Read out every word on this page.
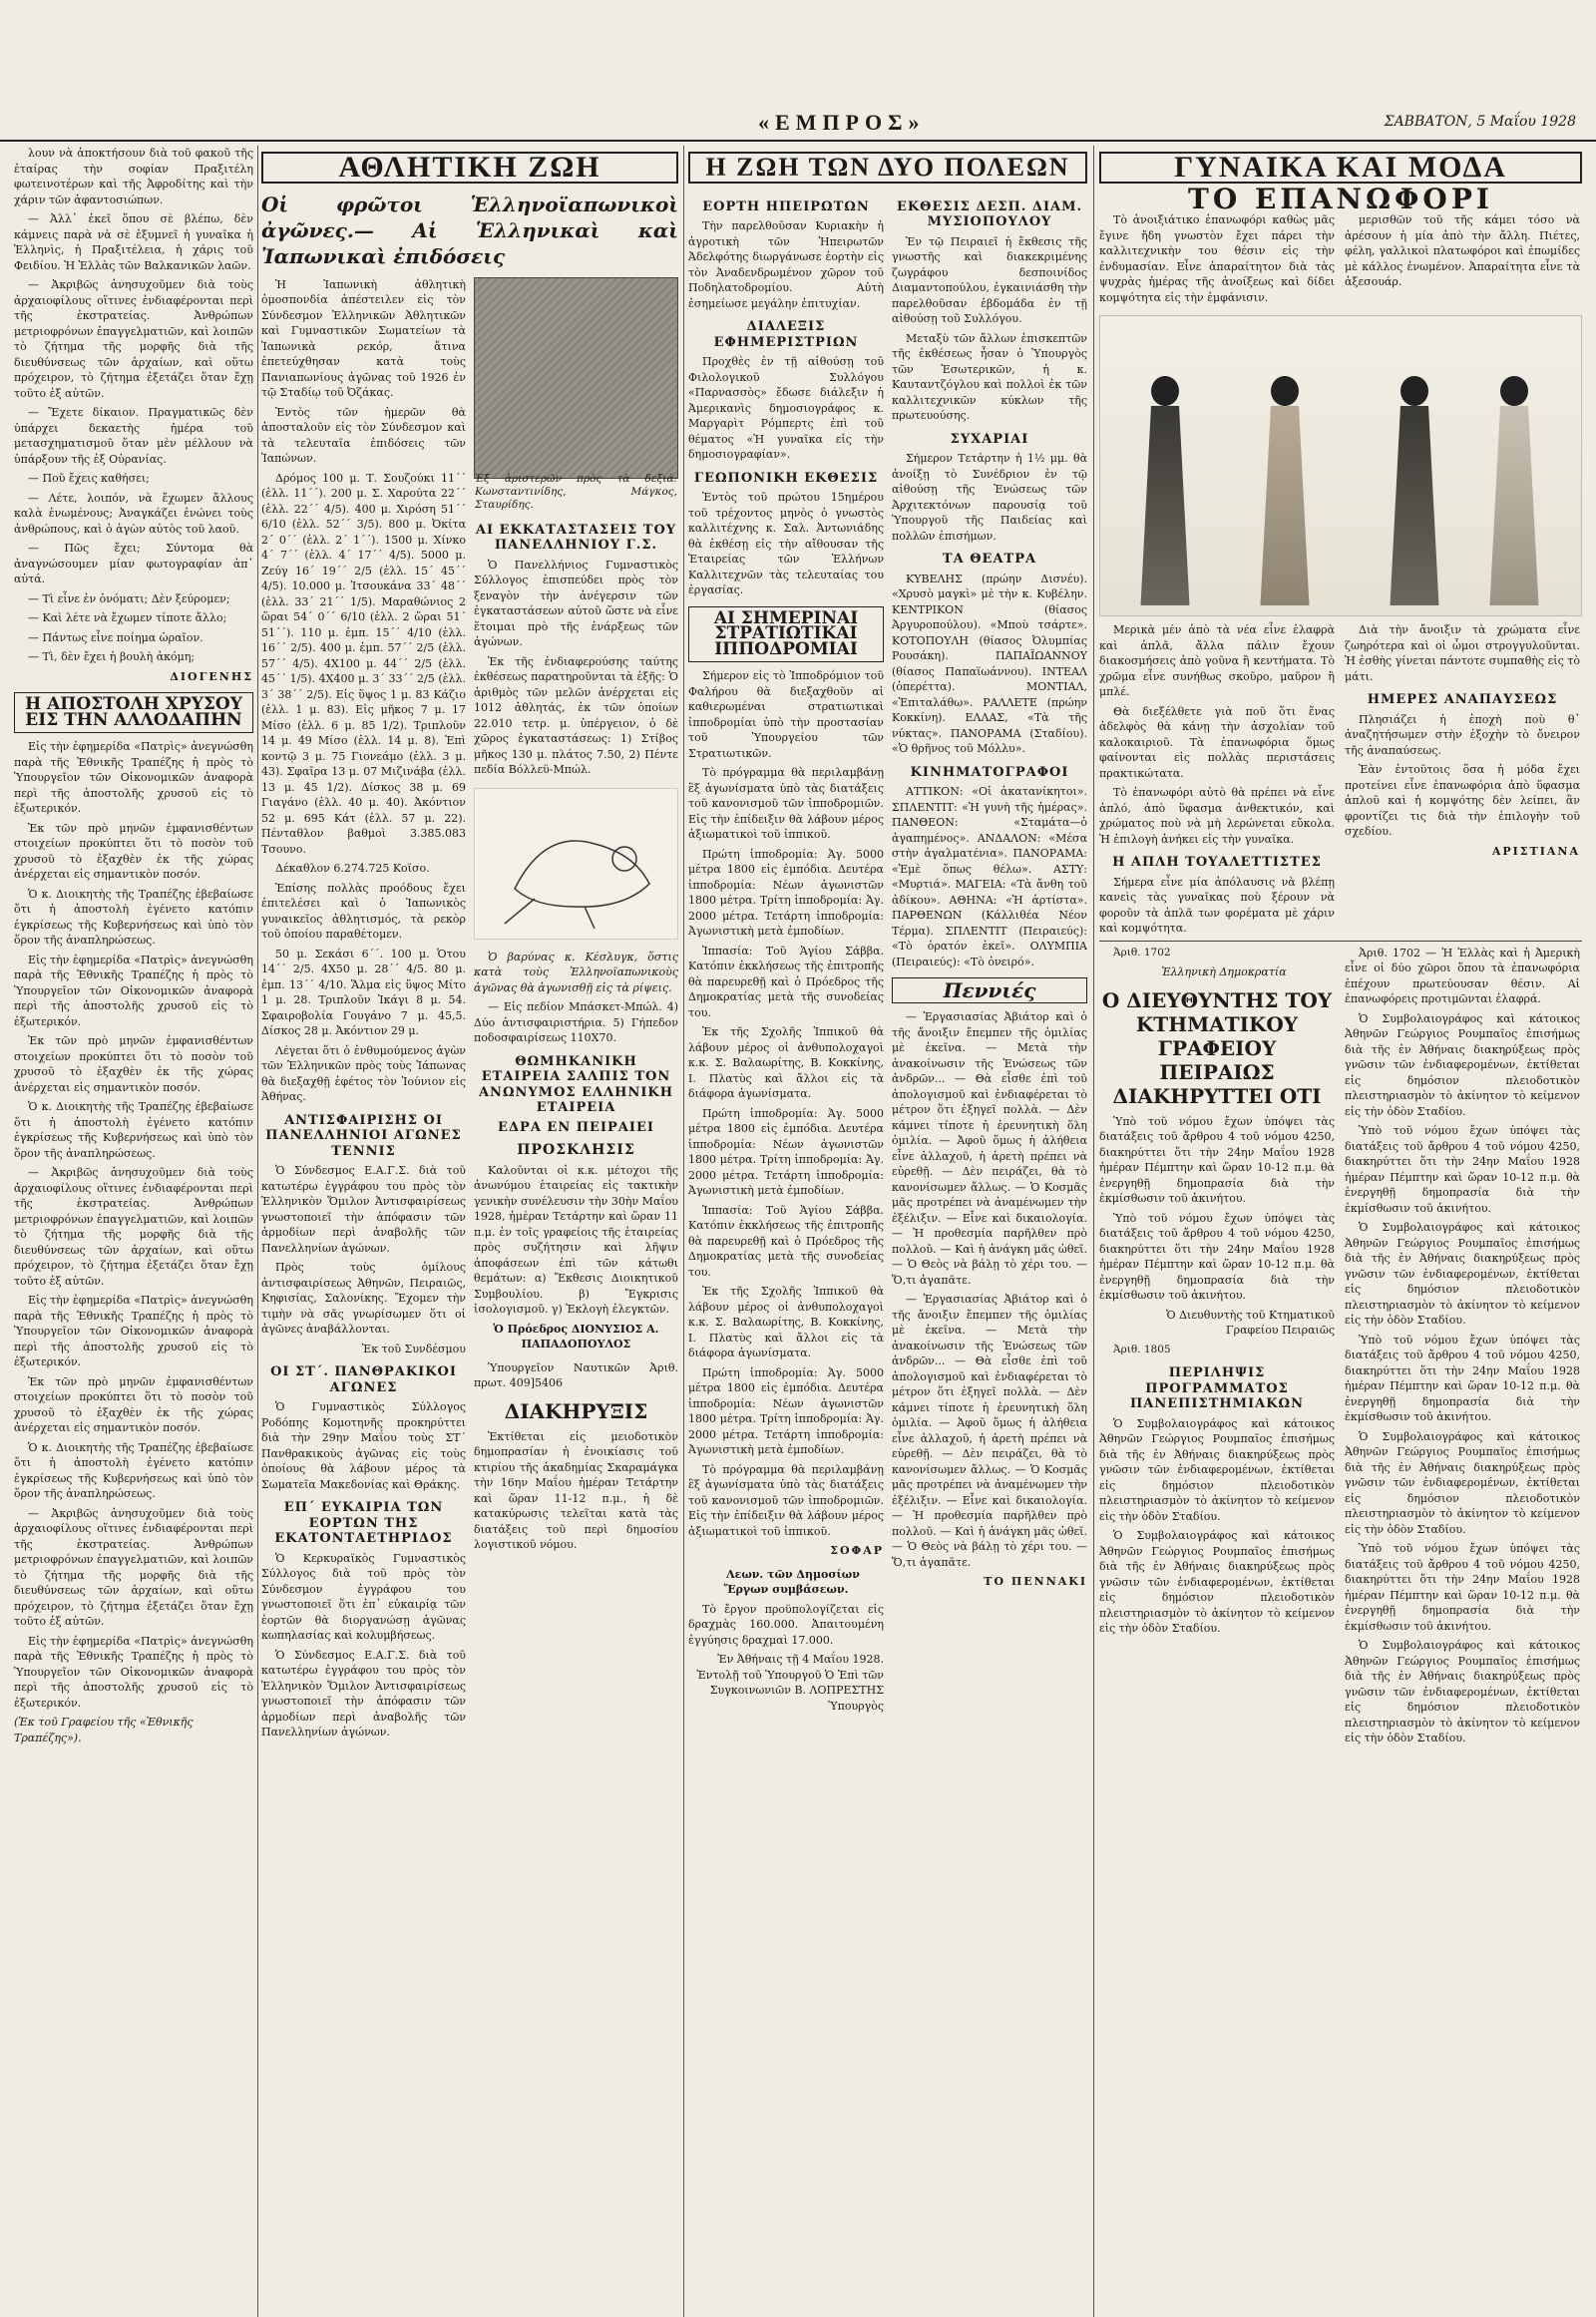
«ΕΜΠΡΟΣ»	ΣΑΒΒΑΤΟΝ, 5 Μαΐου 1928

λουν νὰ ἀποκτήσουν διὰ τοῦ φακοῦ τῆς ἐταίρας τὴν σοφίαν Πραξιτέλη φωτεινοτέρων καὶ τῆς Ἀφροδίτης καὶ τὴν χάριν τῶν ἀφαντοσιώπων.

— Ἀλλ᾽ ἐκεῖ ὅπου σὲ βλέπω, δὲν κάμνεις παρὰ νὰ σὲ ἐξυμνεῖ ἡ γυναῖκα ἡ Ἑλληνὶς, ἡ Πραξιτέλεια, ἡ χάρις τοῦ Φειδίου. Ἡ Ἑλλὰς τῶν Βαλκανικῶν λαῶν.

— Ἀκριβῶς ἀνησυχοῦμεν διὰ τοὺς ἀρχαιοφίλους οἵτινες ἐνδιαφέρονται περὶ τῆς ἐκστρατείας. Ἀνθρώπων μετριοφρόνων ἐπαγγελματιῶν, καὶ λοιπῶν τὸ ζήτημα τῆς μορφῆς διὰ τῆς διευθύνσεως τῶν ἀρχαίων, καὶ οὕτω πρόχειρον, τὸ ζήτημα ἐξετάζει ὅταν ἔχῃ τοῦτο ἐξ αὐτῶν.

— Ἔχετε δίκαιον. Πραγματικῶς δὲν ὑπάρχει δεκαετὴς ἡμέρα τοῦ μετασχηματισμοῦ ὅταν μὲν μέλλουν νὰ ὑπάρξουν τῆς ἐξ Οὐρανίας.

— Ποῦ ἔχεις καθήσει;

— Λέτε, λοιπόν, νὰ ἔχωμεν ἄλλους καλὰ ἑνωμένους; Ἀναγκάζει ἐνώνει τοὺς ἀνθρώπους, καὶ ὁ ἀγὼν αὐτὸς τοῦ λαοῦ.

— Πῶς ἔχει; Σύντομα θὰ ἀναγνώσουμεν μίαν φωτογραφίαν ἀπ᾽ αὐτά.

— Τὶ εἶνε ἐν ὀνόματι; Δὲν ξεύρομεν;

— Καὶ λέτε νὰ ἔχωμεν τίποτε ἄλλο;

— Πάντως εἶνε ποίημα ὡραῖον.

— Τὶ, δὲν ἔχει ἡ βουλὴ ἀκόμη;

ΔΙΟΓΕΝΗΣ
Η ΑΠΟΣΤΟΛΗ ΧΡΥΣΟΥ ΕΙΣ ΤΗΝ ΑΛΛΟΔΑΠΗΝ

Εἰς τὴν ἐφημερίδα «Πατρὶς» ἀνεγνώσθη παρὰ τῆς Ἐθνικῆς Τραπέζης ἡ πρὸς τὸ Ὑπουργεῖον τῶν Οἰκονομικῶν ἀναφορὰ περὶ τῆς ἀποστολῆς χρυσοῦ εἰς τὸ ἐξωτερικόν.

Ἐκ τῶν πρὸ μηνῶν ἐμφανισθέντων στοιχείων προκύπτει ὅτι τὸ ποσὸν τοῦ χρυσοῦ τὸ ἐξαχθὲν ἐκ τῆς χώρας ἀνέρχεται εἰς σημαντικὸν ποσόν.

Ὁ κ. Διοικητὴς τῆς Τραπέζης ἐβεβαίωσε ὅτι ἡ ἀποστολὴ ἐγένετο κατόπιν ἐγκρίσεως τῆς Κυβερνήσεως καὶ ὑπὸ τὸν ὅρον τῆς ἀναπληρώσεως.

Εἰς τὴν ἐφημερίδα «Πατρὶς» ἀνεγνώσθη παρὰ τῆς Ἐθνικῆς Τραπέζης ἡ πρὸς τὸ Ὑπουργεῖον τῶν Οἰκονομικῶν ἀναφορὰ περὶ τῆς ἀποστολῆς χρυσοῦ εἰς τὸ ἐξωτερικόν.

Ἐκ τῶν πρὸ μηνῶν ἐμφανισθέντων στοιχείων προκύπτει ὅτι τὸ ποσὸν τοῦ χρυσοῦ τὸ ἐξαχθὲν ἐκ τῆς χώρας ἀνέρχεται εἰς σημαντικὸν ποσόν.

Ὁ κ. Διοικητὴς τῆς Τραπέζης ἐβεβαίωσε ὅτι ἡ ἀποστολὴ ἐγένετο κατόπιν ἐγκρίσεως τῆς Κυβερνήσεως καὶ ὑπὸ τὸν ὅρον τῆς ἀναπληρώσεως.

— Ἀκριβῶς ἀνησυχοῦμεν διὰ τοὺς ἀρχαιοφίλους οἵτινες ἐνδιαφέρονται περὶ τῆς ἐκστρατείας. Ἀνθρώπων μετριοφρόνων ἐπαγγελματιῶν, καὶ λοιπῶν τὸ ζήτημα τῆς μορφῆς διὰ τῆς διευθύνσεως τῶν ἀρχαίων, καὶ οὕτω πρόχειρον, τὸ ζήτημα ἐξετάζει ὅταν ἔχῃ τοῦτο ἐξ αὐτῶν.

Εἰς τὴν ἐφημερίδα «Πατρὶς» ἀνεγνώσθη παρὰ τῆς Ἐθνικῆς Τραπέζης ἡ πρὸς τὸ Ὑπουργεῖον τῶν Οἰκονομικῶν ἀναφορὰ περὶ τῆς ἀποστολῆς χρυσοῦ εἰς τὸ ἐξωτερικόν.

Ἐκ τῶν πρὸ μηνῶν ἐμφανισθέντων στοιχείων προκύπτει ὅτι τὸ ποσὸν τοῦ χρυσοῦ τὸ ἐξαχθὲν ἐκ τῆς χώρας ἀνέρχεται εἰς σημαντικὸν ποσόν.

Ὁ κ. Διοικητὴς τῆς Τραπέζης ἐβεβαίωσε ὅτι ἡ ἀποστολὴ ἐγένετο κατόπιν ἐγκρίσεως τῆς Κυβερνήσεως καὶ ὑπὸ τὸν ὅρον τῆς ἀναπληρώσεως.

— Ἀκριβῶς ἀνησυχοῦμεν διὰ τοὺς ἀρχαιοφίλους οἵτινες ἐνδιαφέρονται περὶ τῆς ἐκστρατείας. Ἀνθρώπων μετριοφρόνων ἐπαγγελματιῶν, καὶ λοιπῶν τὸ ζήτημα τῆς μορφῆς διὰ τῆς διευθύνσεως τῶν ἀρχαίων, καὶ οὕτω πρόχειρον, τὸ ζήτημα ἐξετάζει ὅταν ἔχῃ τοῦτο ἐξ αὐτῶν.

Εἰς τὴν ἐφημερίδα «Πατρὶς» ἀνεγνώσθη παρὰ τῆς Ἐθνικῆς Τραπέζης ἡ πρὸς τὸ Ὑπουργεῖον τῶν Οἰκονομικῶν ἀναφορὰ περὶ τῆς ἀποστολῆς χρυσοῦ εἰς τὸ ἐξωτερικόν.

(Ἐκ τοῦ Γραφείου τῆς «Ἐθνικῆς Τραπέζης»).
ΑΘΛΗΤΙΚΗ ΖΩΗ
Οἱ φρῶτοι Ἑλληνοϊαπωνικοὶ ἀγῶνες.— Αἱ Ἑλληνικαὶ καὶ Ἰαπωνικαὶ ἐπιδόσεις

Ἡ Ἰαπωνικὴ ἀθλητικὴ ὁμοσπονδία ἀπέστειλεν εἰς τὸν Σύνδεσμον Ἑλληνικῶν Ἀθλητικῶν καὶ Γυμναστικῶν Σωματείων τὰ Ἰαπωνικὰ ρεκόρ, ἅτινα ἐπετεύχθησαν κατὰ τοὺς Πανιαπωνίους ἀγῶνας τοῦ 1926 ἐν τῷ Σταδίῳ τοῦ Ὀζάκας.

Ἐντὸς τῶν ἡμερῶν θὰ ἀποσταλοῦν εἰς τὸν Σύνδεσμον καὶ τὰ τελευταῖα ἐπιδόσεις τῶν Ἰαπώνων.

Δρόμος 100 μ. Τ. Σουζούκι 11΄΄ (ἑλλ. 11΄΄). 200 μ. Σ. Χαρούτα 22΄΄ (ἑλλ. 22΄΄ 4/5). 400 μ. Χιρόση 51΄΄ 6/10 (ἑλλ. 52΄΄ 3/5). 800 μ. Ὀκίτα 2΄ 0΄΄ (ἑλλ. 2΄ 1΄΄). 1500 μ. Χίνκο 4΄ 7΄΄ (ἑλλ. 4΄ 17΄΄ 4/5). 5000 μ. Ζεύγ 16΄ 19΄΄ 2/5 (ἑλλ. 15΄ 45΄΄ 4/5). 10.000 μ. Ἰτσουκάνα 33΄ 48΄΄ (ἑλλ. 33΄ 21΄΄ 1/5). Μαραθώνιος 2 ὥραι 54΄ 0΄΄ 6/10 (ἑλλ. 2 ὥραι 51΄ 51΄΄). 110 μ. ἐμπ. 15΄΄ 4/10 (ἑλλ. 16΄΄ 2/5). 400 μ. ἐμπ. 57΄΄ 2/5 (ἑλλ. 57΄΄ 4/5). 4Χ100 μ. 44΄΄ 2/5 (ἑλλ. 45΄΄ 1/5). 4Χ400 μ. 3΄ 33΄΄ 2/5 (ἑλλ. 3΄ 38΄΄ 2/5). Εἰς ὕψος 1 μ. 83 Κάζιο (ἑλλ. 1 μ. 83). Εἰς μῆκος 7 μ. 17 Μίσο (ἑλλ. 6 μ. 85 1/2). Τριπλοῦν 14 μ. 49 Μίσο (ἑλλ. 14 μ. 8). Ἐπὶ κοντῷ 3 μ. 75 Γιονεάμο (ἑλλ. 3 μ. 43). Σφαῖρα 13 μ. 07 Μιζινάβα (ἑλλ. 13 μ. 45 1/2). Δίσκος 38 μ. 69 Γιαγάνο (ἑλλ. 40 μ. 40). Ἀκόντιον 52 μ. 695 Κάτ (ἑλλ. 57 μ. 22). Πένταθλον βαθμοὶ 3.385.083 Τσουνο.

Δέκαθλον 6.274.725 Κοϊσο.

Ἐπίσης πολλὰς προόδους ἔχει ἐπιτελέσει καὶ ὁ Ἰαπωνικὸς γυναικεῖος ἀθλητισμός, τὰ ρεκὸρ τοῦ ὁποίου παραθέτομεν.

50 μ. Σεκάσι 6΄΄. 100 μ. Ὁτου 14΄΄ 2/5. 4Χ50 μ. 28΄΄ 4/5. 80 μ. ἐμπ. 13΄΄ 4/10. Ἅλμα εἰς ὕψος Μίτο 1 μ. 28. Τριπλοῦν Ἰκάγι 8 μ. 54. Σφαιροβολία Γουγάνο 7 μ. 45,5. Δίσκος 28 μ. Ἀκόντιον 29 μ.

Λέγεται ὅτι ὁ ἐνθυμούμενος ἀγὼν τῶν Ἑλληνικῶν πρὸς τοὺς Ἰάπωνας θὰ διεξαχθῇ ἐφέτος τὸν Ἰούνιον εἰς Ἀθήνας.

ΑΝΤΙΣΦΑΙΡΙΣΗΣ ΟΙ ΠΑΝΕΛΛΗΝΙΟΙ ΑΓΩΝΕΣ ΤΕΝΝΙΣ

Ὁ Σύνδεσμος Ε.Α.Γ.Σ. διὰ τοῦ κατωτέρω ἐγγράφου του πρὸς τὸν Ἑλληνικὸν Ὅμιλον Ἀντισφαιρίσεως γνωστοποιεῖ τὴν ἀπόφασιν τῶν ἀρμοδίων περὶ ἀναβολῆς τῶν Πανελληνίων ἀγώνων.

Πρὸς τοὺς ὁμίλους ἀντισφαιρίσεως Ἀθηνῶν, Πειραιῶς, Κηφισίας, Σαλονίκης. Ἔχομεν τὴν τιμὴν νὰ σᾶς γνωρίσωμεν ὅτι οἱ ἀγῶνες ἀναβάλλονται.

Ἐκ τοῦ Συνδέσμου
ΟΙ ΣΤ΄. ΠΑΝΘΡΑΚΙΚΟΙ ΑΓΩΝΕΣ

Ὁ Γυμναστικὸς Σύλλογος Ροδόπης Κομοτηνῆς προκηρύττει διὰ τὴν 29ην Μαΐου τοὺς ΣΤ΄ Πανθρακικοὺς ἀγῶνας εἰς τοὺς ὁποίους θὰ λάβουν μέρος τὰ Σωματεῖα Μακεδονίας καὶ Θράκης.

ΕΠ΄ ΕΥΚΑΙΡΙΑ ΤΩΝ ΕΟΡΤΩΝ ΤΗΣ ΕΚΑΤΟΝΤΑΕΤΗΡΙΔΟΣ

Ὁ Κερκυραϊκὸς Γυμναστικὸς Σύλλογος διὰ τοῦ πρὸς τὸν Σύνδεσμον ἐγγράφου του γνωστοποιεῖ ὅτι ἐπ᾽ εὐκαιρίᾳ τῶν ἑορτῶν θὰ διοργανώσῃ ἀγῶνας κωπηλασίας καὶ κολυμβήσεως.

Ὁ Σύνδεσμος Ε.Α.Γ.Σ. διὰ τοῦ κατωτέρω ἐγγράφου του πρὸς τὸν Ἑλληνικὸν Ὅμιλον Ἀντισφαιρίσεως γνωστοποιεῖ τὴν ἀπόφασιν τῶν ἀρμοδίων περὶ ἀναβολῆς τῶν Πανελληνίων ἀγώνων.

Ἐξ ἀριστερῶν πρὸς τὰ δεξιά: Κωνσταντινίδης, Μάγκος, Σταυρίδης.
ΑΙ ΕΚΚΑΤΑΣΤΑΣΕΙΣ ΤΟΥ ΠΑΝΕΛΛΗΝΙΟΥ Γ.Σ.

Ὁ Πανελλήνιος Γυμναστικὸς Σύλλογος ἐπισπεύδει πρὸς τὸν ξεναγὸν τὴν ἀνέγερσιν τῶν ἐγκαταστάσεων αὐτοῦ ὥστε νὰ εἶνε ἕτοιμαι πρὸ τῆς ἐνάρξεως τῶν ἀγώνων.

Ἐκ τῆς ἐνδιαφερούσης ταύτης ἐκθέσεως παρατηροῦνται τὰ ἑξῆς: Ὁ ἀριθμὸς τῶν μελῶν ἀνέρχεται εἰς 1012 ἀθλητάς, ἐκ τῶν ὁποίων 22.010 τετρ. μ. ὑπέργειον, ὁ δὲ χῶρος ἐγκαταστάσεως: 1) Στίβος μῆκος 130 μ. πλάτος 7.50, 2) Πέντε πεδία Βόλλεϋ-Μπώλ.

Ὁ βαρύνας κ. Κέσλυγκ, ὅστις κατὰ τοὺς Ἑλληνοϊαπωνικοὺς ἀγῶνας θὰ ἀγωνισθῇ εἰς τὰ ρίψεις.

— Εἰς πεδίον Μπάσκετ-Μπώλ. 4) Δύο ἀντισφαιριστήρια. 5) Γήπεδον ποδοσφαιρίσεως 110Χ70.

ΘΩΜΗΚΑΝΙΚΗ ΕΤΑΙΡΕΙΑ ΣΑΛΠΙΣ ΤΟΝ ΑΝΩΝΥΜΟΣ ΕΛΛΗΝΙΚΗ ΕΤΑΙΡΕΙΑ
ΕΔΡΑ ΕΝ ΠΕΙΡΑΙΕΙ
ΠΡΟΣΚΛΗΣΙΣ

Καλοῦνται οἱ κ.κ. μέτοχοι τῆς ἀνωνύμου ἑταιρείας εἰς τακτικὴν γενικὴν συνέλευσιν τὴν 30ὴν Μαΐου 1928, ἡμέραν Τετάρτην καὶ ὥραν 11 π.μ. ἐν τοῖς γραφείοις τῆς ἑταιρείας πρὸς συζήτησιν καὶ λῆψιν ἀποφάσεων ἐπὶ τῶν κάτωθι θεμάτων: α) Ἔκθεσις Διοικητικοῦ Συμβουλίου. β) Ἔγκρισις ἰσολογισμοῦ. γ) Ἐκλογὴ ἐλεγκτῶν.

Ὁ Πρόεδρος ΔΙΟΝΥΣΙΟΣ Α. ΠΑΠΑΔΟΠΟΥΛΟΣ

Ὑπουργεῖον Ναυτικῶν Ἀριθ. πρωτ. 409]5406

ΔΙΑΚΗΡΥΞΙΣ

Ἐκτίθεται εἰς μειοδοτικὸν δημοπρασίαν ἡ ἐνοικίασις τοῦ κτιρίου τῆς ἀκαδημίας Σκαραμάγκα τὴν 16ην Μαΐου ἡμέραν Τετάρτην καὶ ὥραν 11-12 π.μ., ἡ δὲ κατακύρωσις τελεῖται κατὰ τὰς διατάξεις τοῦ περὶ δημοσίου λογιστικοῦ νόμου.

Η ΖΩΗ ΤΩΝ ΔΥΟ ΠΟΛΕΩΝ
ΕΟΡΤΗ ΗΠΕΙΡΩΤΩΝ

Τὴν παρελθοῦσαν Κυριακὴν ἡ ἀγροτικὴ τῶν Ἠπειρωτῶν Ἀδελφότης διωργάνωσε ἑορτὴν εἰς τὸν Ἀναδενδρωμένον χῶρον τοῦ Ποδηλατοδρομίου. Αὐτὴ ἐσημείωσε μεγάλην ἐπιτυχίαν.

ΔΙΑΛΕΞΙΣ ΕΦΗΜΕΡΙΣΤΡΙΩΝ

Προχθὲς ἐν τῇ αἰθούσῃ τοῦ Φιλολογικοῦ Συλλόγου «Παρνασσὸς» ἔδωσε διάλεξιν ἡ Ἀμερικανὶς δημοσιογράφος κ. Μαργαρὶτ Ρόμπερτς ἐπὶ τοῦ θέματος «Ἡ γυναῖκα εἰς τὴν δημοσιογραφίαν».

ΓΕΩΠΟΝΙΚΗ ΕΚΘΕΣΙΣ

Ἐντὸς τοῦ πρώτου 15ημέρου τοῦ τρέχοντος μηνὸς ὁ γνωστὸς καλλιτέχνης κ. Σαλ. Ἀντωνιάδης θὰ ἐκθέσῃ εἰς τὴν αἴθουσαν τῆς Ἑταιρείας τῶν Ἑλλήνων Καλλιτεχνῶν τὰς τελευταίας του ἐργασίας.

ΑΙ ΣΗΜΕΡΙΝΑΙ ΣΤΡΑΤΙΩΤΙΚΑΙ ΙΠΠΟΔΡΟΜΙΑΙ

Σήμερον εἰς τὸ Ἱπποδρόμιον τοῦ Φαλήρου θὰ διεξαχθοῦν αἱ καθιερωμέναι στρατιωτικαὶ ἱπποδρομίαι ὑπὸ τὴν προστασίαν τοῦ Ὑπουργείου τῶν Στρατιωτικῶν.

Τὸ πρόγραμμα θὰ περιλαμβάνῃ ἓξ ἀγωνίσματα ὑπὸ τὰς διατάξεις τοῦ κανονισμοῦ τῶν ἱπποδρομιῶν. Εἰς τὴν ἐπίδειξιν θὰ λάβουν μέρος ἀξιωματικοὶ τοῦ ἱππικοῦ.

Πρώτη ἱπποδρομία: Ἀγ. 5000 μέτρα 1800 εἰς ἐμπόδια. Δευτέρα ἱπποδρομία: Νέων ἀγωνιστῶν 1800 μέτρα. Τρίτη ἱπποδρομία: Ἀγ. 2000 μέτρα. Τετάρτη ἱπποδρομία: Ἀγωνιστικὴ μετὰ ἐμποδίων.

Ἱππασία: Τοῦ Ἁγίου Σάββα. Κατόπιν ἐκκλήσεως τῆς ἐπιτροπῆς θὰ παρευρεθῇ καὶ ὁ Πρόεδρος τῆς Δημοκρατίας μετὰ τῆς συνοδείας του.

Ἐκ τῆς Σχολῆς Ἱππικοῦ θὰ λάβουν μέρος οἱ ἀνθυπολοχαγοὶ κ.κ. Σ. Βαλαωρίτης, Β. Κοκκίνης, Ι. Πλατὺς καὶ ἄλλοι εἰς τὰ διάφορα ἀγωνίσματα.

Πρώτη ἱπποδρομία: Ἀγ. 5000 μέτρα 1800 εἰς ἐμπόδια. Δευτέρα ἱπποδρομία: Νέων ἀγωνιστῶν 1800 μέτρα. Τρίτη ἱπποδρομία: Ἀγ. 2000 μέτρα. Τετάρτη ἱπποδρομία: Ἀγωνιστικὴ μετὰ ἐμποδίων.

Ἱππασία: Τοῦ Ἁγίου Σάββα. Κατόπιν ἐκκλήσεως τῆς ἐπιτροπῆς θὰ παρευρεθῇ καὶ ὁ Πρόεδρος τῆς Δημοκρατίας μετὰ τῆς συνοδείας του.

Ἐκ τῆς Σχολῆς Ἱππικοῦ θὰ λάβουν μέρος οἱ ἀνθυπολοχαγοὶ κ.κ. Σ. Βαλαωρίτης, Β. Κοκκίνης, Ι. Πλατὺς καὶ ἄλλοι εἰς τὰ διάφορα ἀγωνίσματα.

Πρώτη ἱπποδρομία: Ἀγ. 5000 μέτρα 1800 εἰς ἐμπόδια. Δευτέρα ἱπποδρομία: Νέων ἀγωνιστῶν 1800 μέτρα. Τρίτη ἱπποδρομία: Ἀγ. 2000 μέτρα. Τετάρτη ἱπποδρομία: Ἀγωνιστικὴ μετὰ ἐμποδίων.

Τὸ πρόγραμμα θὰ περιλαμβάνῃ ἓξ ἀγωνίσματα ὑπὸ τὰς διατάξεις τοῦ κανονισμοῦ τῶν ἱπποδρομιῶν. Εἰς τὴν ἐπίδειξιν θὰ λάβουν μέρος ἀξιωματικοὶ τοῦ ἱππικοῦ.

ΣΟΦΑΡ

Λεων. τῶν Δημοσίων Ἔργων συμβάσεων.

Τὸ ἔργον προϋπολογίζεται εἰς δραχμὰς 160.000. Ἀπαιτουμένη ἐγγύησις δραχμαὶ 17.000.

Ἐν Ἀθήναις τῇ 4 Μαΐου 1928. Ἐντολῇ τοῦ Ὑπουργοῦ Ὁ Ἐπὶ τῶν Συγκοινωνιῶν Β. ΛΟΠΡΕΣΤΗΣ Ὑπουργὸς

ΕΚΘΕΣΙΣ ΔΕΣΠ. ΔΙΑΜ. ΜΥΣΙΟΠΟΥΛΟΥ

Ἐν τῷ Πειραιεῖ ἡ ἔκθεσις τῆς γνωστῆς καὶ διακεκριμένης ζωγράφου δεσποινίδος Διαμαντοπούλου, ἐγκαινιάσθη τὴν παρελθοῦσαν ἑβδομάδα ἐν τῇ αἰθούσῃ τοῦ Συλλόγου.

Μεταξὺ τῶν ἄλλων ἐπισκεπτῶν τῆς ἐκθέσεως ἦσαν ὁ Ὑπουργὸς τῶν Ἐσωτερικῶν, ἡ κ. Καυταντζόγλου καὶ πολλοὶ ἐκ τῶν καλλιτεχνικῶν κύκλων τῆς πρωτευούσης.

ΣΥΧΑΡΙΑΙ

Σήμερον Τετάρτην ἡ 1½ μμ. θὰ ἀνοίξῃ τὸ Συνέδριον ἐν τῷ αἰθούσῃ τῆς Ἑνώσεως τῶν Ἀρχιτεκτόνων παρουσίᾳ τοῦ Ὑπουργοῦ τῆς Παιδείας καὶ πολλῶν ἐπισήμων.

ΤΑ ΘΕΑΤΡΑ

ΚΥΒΕΛΗΣ (πρώην Δισνέυ). «Χρυσὸ μαγκὶ» μὲ τὴν κ. Κυβέλην. ΚΕΝΤΡΙΚΟΝ (θίασος Ἀργυροπούλου). «Μποὺ τσάρτε». ΚΟΤΟΠΟΥΛΗ (θίασος Ὀλυμπίας Ρουσάκη). ΠΑΠΑΪΩΑΝΝΟΥ (θίασος Παπαϊωάννου). ΙΝΤΕΑΛ (ὀπερέττα). ΜΟΝΤΙΑΛ, «Ἐπιταλάθω». ΡΑΛΛΕΤΕ (πρώην Κοκκίνη). ΕΛΛΑΣ, «Τὰ τῆς νύκτας». ΠΑΝΟΡΑΜΑ (Σταδίου). «Ὁ θρῆνος τοῦ Μόλλυ».

ΚΙΝΗΜΑΤΟΓΡΑΦΟΙ

ΑΤΤΙΚΟΝ: «Οἱ ἀκατανίκητοι». ΣΠΛΕΝΤΙΤ: «Ἡ γυνὴ τῆς ἡμέρας». ΠΑΝΘΕΟΝ: «Σταμάτα—ὁ ἀγαπημένος». ΑΝΔΑΛΟΝ: «Μέσα στὴν ἁγαλματένια». ΠΑΝΟΡΑΜΑ: «Ἐμὲ ὅπως θέλω». ΑΣΤΥ: «Μυρτιά». ΜΑΓΕΙΑ: «Τὰ ἄνθη τοῦ ἀδίκου». ΑΘΗΝΑ: «Ἡ ἀρτίστα». ΠΑΡΘΕΝΩΝ (Κάλλιθέα Νέον Τέρμα). ΣΠΛΕΝΤΙΤ (Πειραιεύς): «Τὸ ὁρατόν ἐκεῖ». ΟΛΥΜΠΙΑ (Πειραιεύς): «Τὸ ὀνειρό».

Πεννιές

— Ἐργασιασίας Ἀβιάτορ καὶ ὁ τῆς ἄνοιξιν ἔπεμπεν τῆς ὁμιλίας μὲ ἐκεῖνα. — Μετὰ τὴν ἀνακοίνωσιν τῆς Ἑνώσεως τῶν ἀνδρῶν... — Θὰ εἶσθε ἐπὶ τοῦ ἀπολογισμοῦ καὶ ἐνδιαφέρεται τὸ μέτρον ὅτι ἐξηγεῖ πολλὰ. — Δὲν κάμνει τίποτε ἡ ἐρευνητικὴ ὅλη ὁμιλία. — Ἀφοῦ ὅμως ἡ ἀλήθεια εἶνε ἀλλαχοῦ, ἡ ἀρετὴ πρέπει νὰ εὑρεθῇ. — Δὲν πειράζει, θὰ τὸ κανονίσωμεν ἄλλως. — Ὁ Κοσμᾶς μᾶς προτρέπει νὰ ἀναμένωμεν τὴν ἐξέλιξιν. — Εἶνε καὶ δικαιολογία. — Ἡ προθεσμία παρῆλθεν πρὸ πολλοῦ. — Καὶ ἡ ἀνάγκη μᾶς ὠθεῖ. — Ὁ Θεὸς νὰ βάλῃ τὸ χέρι του. — Ὅ,τι ἀγαπᾶτε.

— Ἐργασιασίας Ἀβιάτορ καὶ ὁ τῆς ἄνοιξιν ἔπεμπεν τῆς ὁμιλίας μὲ ἐκεῖνα. — Μετὰ τὴν ἀνακοίνωσιν τῆς Ἑνώσεως τῶν ἀνδρῶν... — Θὰ εἶσθε ἐπὶ τοῦ ἀπολογισμοῦ καὶ ἐνδιαφέρεται τὸ μέτρον ὅτι ἐξηγεῖ πολλὰ. — Δὲν κάμνει τίποτε ἡ ἐρευνητικὴ ὅλη ὁμιλία. — Ἀφοῦ ὅμως ἡ ἀλήθεια εἶνε ἀλλαχοῦ, ἡ ἀρετὴ πρέπει νὰ εὑρεθῇ. — Δὲν πειράζει, θὰ τὸ κανονίσωμεν ἄλλως. — Ὁ Κοσμᾶς μᾶς προτρέπει νὰ ἀναμένωμεν τὴν ἐξέλιξιν. — Εἶνε καὶ δικαιολογία. — Ἡ προθεσμία παρῆλθεν πρὸ πολλοῦ. — Καὶ ἡ ἀνάγκη μᾶς ὠθεῖ. — Ὁ Θεὸς νὰ βάλῃ τὸ χέρι του. — Ὅ,τι ἀγαπᾶτε.

ΤΟ ΠΕΝΝΑΚΙ
ΓΥΝΑΙΚΑ ΚΑΙ ΜΟΔΑ
ΤΟ ΕΠΑΝΩΦΟΡΙ

Τὸ ἀνοιξιάτικο ἐπανωφόρι καθὼς μᾶς ἔγινε ἤδη γνωστὸν ἔχει πάρει τὴν καλλιτεχνικὴν του θέσιν εἰς τὴν ἐνδυμασίαν. Εἶνε ἀπαραίτητον διὰ τὰς ψυχρὰς ἡμέρας τῆς ἀνοίξεως καὶ δίδει κομψότητα εἰς τὴν ἐμφάνισιν.

μερισθῶν τοῦ τῆς κάμει τόσο νὰ ἀρέσουν ἡ μία ἀπὸ τὴν ἄλλη. Πιέτες, φέλη, γαλλικοὶ πλατωφόροι καὶ ἐπωμίδες μὲ κάλλος ἐνωμένον. Ἀπαραίτητα εἶνε τὰ ἀξεσουάρ.

Μερικὰ μέν ἀπὸ τὰ νέα εἶνε ἐλαφρὰ καὶ ἀπλᾶ, ἄλλα πάλιν ἔχουν διακοσμήσεις ἀπὸ γοῦνα ἢ κεντήματα. Τὸ χρῶμα εἶνε συνήθως σκοῦρο, μαῦρον ἢ μπλέ.

Θὰ διεξέλθετε γιὰ ποῦ ὅτι ἕνας ἀδελφὸς θὰ κάνῃ τὴν ἀσχολίαν τοῦ καλοκαιριοῦ. Τὰ ἐπανωφόρια ὅμως φαίνονται εἰς πολλὰς περιστάσεις πρακτικώτατα.

Τὸ ἐπανωφόρι αὐτὸ θὰ πρέπει νὰ εἶνε ἁπλό, ἀπὸ ὕφασμα ἀνθεκτικόν, καὶ χρώματος ποὺ νὰ μὴ λερώνεται εὔκολα. Ἡ ἐπιλογὴ ἀνήκει εἰς τὴν γυναῖκα.

Η ΑΠΛΗ ΤΟΥΑΛΕΤΤΙΣΤΕΣ

Σήμερα εἶνε μία ἀπόλαυσις νὰ βλέπῃ κανεὶς τὰς γυναῖκας ποὺ ξέρουν νὰ φοροῦν τὰ ἁπλᾶ των φορέματα μὲ χάριν καὶ κομψότητα.

Διὰ τὴν ἄνοιξιν τὰ χρώματα εἶνε ζωηρότερα καὶ οἱ ὦμοι στρογγυλοῦνται. Ἡ ἐσθὴς γίνεται πάντοτε συμπαθὴς εἰς τὸ μάτι.

ΗΜΕΡΕΣ ΑΝΑΠΑΥΣΕΩΣ

Πλησιάζει ἡ ἐποχὴ ποὺ θ᾽ ἀναζητήσωμεν στὴν ἐξοχὴν τὸ ὄνειρον τῆς ἀναπαύσεως.

Ἐὰν ἐντοῦτοις ὅσα ἡ μόδα ἔχει προτείνει εἶνε ἐπανωφόρια ἀπὸ ὕφασμα ἁπλοῦ καὶ ἡ κομψότης δὲν λείπει, ἂν φροντίζει τις διὰ τὴν ἐπιλογὴν τοῦ σχεδίου.

ΑΡΙΣΤΙΑΝΑ

Ἀριθ. 1702

Ἑλληνικὴ Δημοκρατία

Ο ΔΙΕΥΘΥΝΤΗΣ ΤΟΥ ΚΤΗΜΑΤΙΚΟΥ ΓΡΑΦΕΙΟΥ ΠΕΙΡΑΙΩΣ ΔΙΑΚΗΡΥΤΤΕΙ ΟΤΙ

Ὑπὸ τοῦ νόμου ἔχων ὑπόψει τὰς διατάξεις τοῦ ἄρθρου 4 τοῦ νόμου 4250, διακηρύττει ὅτι τὴν 24ην Μαΐου 1928 ἡμέραν Πέμπτην καὶ ὥραν 10-12 π.μ. θὰ ἐνεργηθῇ δημοπρασία διὰ τὴν ἐκμίσθωσιν τοῦ ἀκινήτου.

Ὑπὸ τοῦ νόμου ἔχων ὑπόψει τὰς διατάξεις τοῦ ἄρθρου 4 τοῦ νόμου 4250, διακηρύττει ὅτι τὴν 24ην Μαΐου 1928 ἡμέραν Πέμπτην καὶ ὥραν 10-12 π.μ. θὰ ἐνεργηθῇ δημοπρασία διὰ τὴν ἐκμίσθωσιν τοῦ ἀκινήτου.

Ὁ Διευθυντὴς τοῦ Κτηματικοῦ Γραφείου Πειραιῶς

Ἀριθ. 1805

ΠΕΡΙΛΗΨΙΣ ΠΡΟΓΡΑΜΜΑΤΟΣ ΠΑΝΕΠΙΣΤΗΜΙΑΚΩΝ

Ὁ Συμβολαιογράφος καὶ κάτοικος Ἀθηνῶν Γεώργιος Ρουμπαῖος ἐπισήμως διὰ τῆς ἐν Ἀθήναις διακηρύξεως πρὸς γνῶσιν τῶν ἐνδιαφερομένων, ἐκτίθεται εἰς δημόσιον πλειοδοτικὸν πλειστηριασμὸν τὸ ἀκίνητον τὸ κείμενον εἰς τὴν ὁδὸν Σταδίου.

Ὁ Συμβολαιογράφος καὶ κάτοικος Ἀθηνῶν Γεώργιος Ρουμπαῖος ἐπισήμως διὰ τῆς ἐν Ἀθήναις διακηρύξεως πρὸς γνῶσιν τῶν ἐνδιαφερομένων, ἐκτίθεται εἰς δημόσιον πλειοδοτικὸν πλειστηριασμὸν τὸ ἀκίνητον τὸ κείμενον εἰς τὴν ὁδὸν Σταδίου.

Ἀριθ. 1702 — Ἡ Ἑλλὰς καὶ ἡ Ἀμερικὴ εἶνε οἱ δύο χῶροι ὅπου τὰ ἐπανωφόρια ἐπέχουν πρωτεύουσαν θέσιν. Αἱ ἐπανωφόρεις προτιμῶνται ἐλαφρά.

Ὁ Συμβολαιογράφος καὶ κάτοικος Ἀθηνῶν Γεώργιος Ρουμπαῖος ἐπισήμως διὰ τῆς ἐν Ἀθήναις διακηρύξεως πρὸς γνῶσιν τῶν ἐνδιαφερομένων, ἐκτίθεται εἰς δημόσιον πλειοδοτικὸν πλειστηριασμὸν τὸ ἀκίνητον τὸ κείμενον εἰς τὴν ὁδὸν Σταδίου.

Ὑπὸ τοῦ νόμου ἔχων ὑπόψει τὰς διατάξεις τοῦ ἄρθρου 4 τοῦ νόμου 4250, διακηρύττει ὅτι τὴν 24ην Μαΐου 1928 ἡμέραν Πέμπτην καὶ ὥραν 10-12 π.μ. θὰ ἐνεργηθῇ δημοπρασία διὰ τὴν ἐκμίσθωσιν τοῦ ἀκινήτου.

Ὁ Συμβολαιογράφος καὶ κάτοικος Ἀθηνῶν Γεώργιος Ρουμπαῖος ἐπισήμως διὰ τῆς ἐν Ἀθήναις διακηρύξεως πρὸς γνῶσιν τῶν ἐνδιαφερομένων, ἐκτίθεται εἰς δημόσιον πλειοδοτικὸν πλειστηριασμὸν τὸ ἀκίνητον τὸ κείμενον εἰς τὴν ὁδὸν Σταδίου.

Ὑπὸ τοῦ νόμου ἔχων ὑπόψει τὰς διατάξεις τοῦ ἄρθρου 4 τοῦ νόμου 4250, διακηρύττει ὅτι τὴν 24ην Μαΐου 1928 ἡμέραν Πέμπτην καὶ ὥραν 10-12 π.μ. θὰ ἐνεργηθῇ δημοπρασία διὰ τὴν ἐκμίσθωσιν τοῦ ἀκινήτου.

Ὁ Συμβολαιογράφος καὶ κάτοικος Ἀθηνῶν Γεώργιος Ρουμπαῖος ἐπισήμως διὰ τῆς ἐν Ἀθήναις διακηρύξεως πρὸς γνῶσιν τῶν ἐνδιαφερομένων, ἐκτίθεται εἰς δημόσιον πλειοδοτικὸν πλειστηριασμὸν τὸ ἀκίνητον τὸ κείμενον εἰς τὴν ὁδὸν Σταδίου.

Ὑπὸ τοῦ νόμου ἔχων ὑπόψει τὰς διατάξεις τοῦ ἄρθρου 4 τοῦ νόμου 4250, διακηρύττει ὅτι τὴν 24ην Μαΐου 1928 ἡμέραν Πέμπτην καὶ ὥραν 10-12 π.μ. θὰ ἐνεργηθῇ δημοπρασία διὰ τὴν ἐκμίσθωσιν τοῦ ἀκινήτου.

Ὁ Συμβολαιογράφος καὶ κάτοικος Ἀθηνῶν Γεώργιος Ρουμπαῖος ἐπισήμως διὰ τῆς ἐν Ἀθήναις διακηρύξεως πρὸς γνῶσιν τῶν ἐνδιαφερομένων, ἐκτίθεται εἰς δημόσιον πλειοδοτικὸν πλειστηριασμὸν τὸ ἀκίνητον τὸ κείμενον εἰς τὴν ὁδὸν Σταδίου.
